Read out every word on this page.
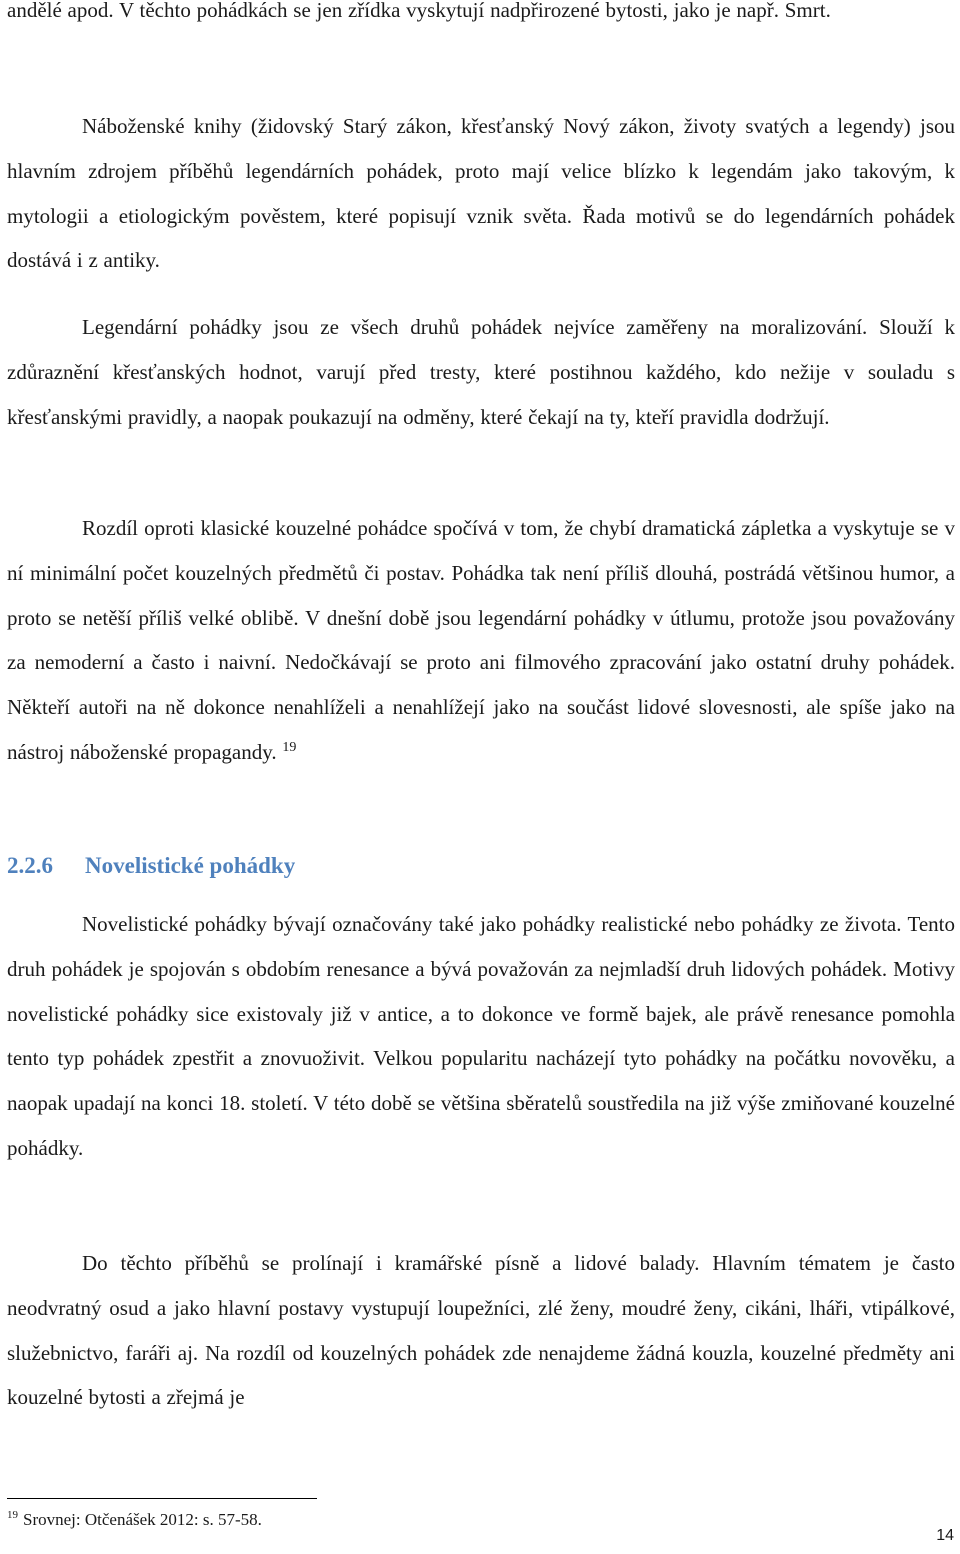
andělé apod. V těchto pohádkách se jen zřídka vyskytují nadpřirozené bytosti, jako je např. Smrt.

Náboženské knihy (židovský Starý zákon, křesťanský Nový zákon, životy svatých a legendy) jsou hlavním zdrojem příběhů legendárních pohádek, proto mají velice blízko k legendám jako takovým, k mytologii a etiologickým pověstem, které popisují vznik světa. Řada motivů se do legendárních pohádek dostává i z antiky.

Legendární pohádky jsou ze všech druhů pohádek nejvíce zaměřeny na moralizování. Slouží k zdůraznění křesťanských hodnot, varují před tresty, které postihnou každého, kdo nežije v souladu s křesťanskými pravidly, a naopak poukazují na odměny, které čekají na ty, kteří pravidla dodržují.

Rozdíl oproti klasické kouzelné pohádce spočívá v tom, že chybí dramatická zápletka a vyskytuje se v ní minimální počet kouzelných předmětů či postav. Pohádka tak není příliš dlouhá, postrádá většinou humor, a proto se netěší příliš velké oblibě. V dnešní době jsou legendární pohádky v útlumu, protože jsou považovány za nemoderní a často i naivní. Nedočkávají se proto ani filmového zpracování jako ostatní druhy pohádek. Někteří autoři na ně dokonce nenahlíželi a nenahlížejí jako na součást lidové slovesnosti, ale spíše jako na nástroj náboženské propagandy. $^{19}$

2.2.6 Novelistické pohádky

Novelistické pohádky bývají označovány také jako pohádky realistické nebo pohádky ze života. Tento druh pohádek je spojován s obdobím renesance a bývá považován za nejmladší druh lidových pohádek. Motivy novelistické pohádky sice existovaly již v antice, a to dokonce ve formě bajek, ale právě renesance pomohla tento typ pohádek zpestřit a znovuoživit. Velkou popularitu nacházejí tyto pohádky na počátku novověku, a naopak upadají na konci 18. století. V této době se většina sběratelů soustředila na již výše zmiňované kouzelné pohádky.

Do těchto příběhů se prolínají i kramářské písně a lidové balady. Hlavním tématem je často neodvratný osud a jako hlavní postavy vystupují loupežníci, zlé ženy, moudré ženy, cikáni, lháři, vtipálkové, služebnictvo, faráři aj. Na rozdíl od kouzelných pohádek zde nenajdeme žádná kouzla, kouzelné předměty ani kouzelné bytosti a zřejmá je

$^{19}$ Srovnej: Otčenášek 2012: s. 57-58.

14
